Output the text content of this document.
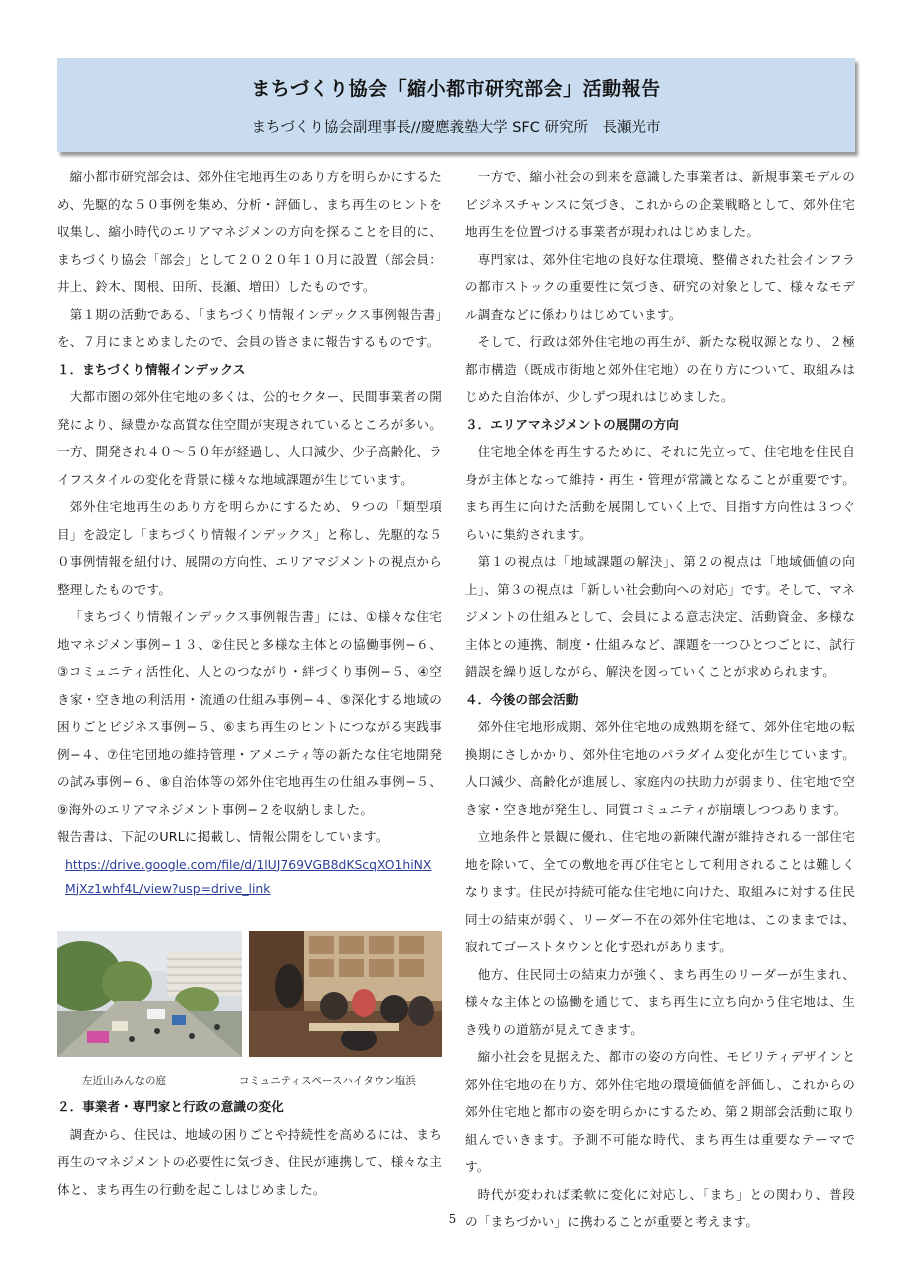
まちづくり協会「縮小都市研究部会」活動報告
まちづくり協会副理事長//慶應義塾大学 SFC 研究所　長瀬光市

縮小都市研究部会は、郊外住宅地再生のあり方を明らかにするため、先駆的な５０事例を集め、分析・評価し、まち再生のヒントを収集し、縮小時代のエリアマネジメンの方向を探ることを目的に、まちづくり協会「部会」として２０２０年１０月に設置（部会員：井上、鈴木、関根、田所、長瀬、増田）したものです。

第１期の活動である、「まちづくり情報インデックス事例報告書」を、７月にまとめましたので、会員の皆さまに報告するものです。

１．まちづくり情報インデックス

大都市圏の郊外住宅地の多くは、公的セクター、民間事業者の開発により、緑豊かな高質な住空間が実現されているところが多い。一方、開発され４０～５０年が経過し、人口減少、少子高齢化、ライフスタイルの変化を背景に様々な地域課題が生じています。

郊外住宅地再生のあり方を明らかにするため、９つの「類型項目」を設定し「まちづくり情報インデックス」と称し、先駆的な５０事例情報を紐付け、展開の方向性、エリアマジメントの視点から整理したものです。

「まちづくり情報インデックス事例報告書」には、①様々な住宅地マネジメン事例−１３、②住民と多様な主体との協働事例−６、③コミュニティ活性化、人とのつながり・絆づくり事例−５、④空き家・空き地の利活用・流通の仕組み事例−４、⑤深化する地域の困りごとビジネス事例−５、⑥まち再生のヒントにつながる実践事例−４、⑦住宅団地の維持管理・アメニティ等の新たな住宅地開発の試み事例−６、⑧自治体等の郊外住宅地再生の仕組み事例−５、⑨海外のエリアマネジメント事例−２を収納しました。

報告書は、下記のURLに掲載し、情報公開をしています。

https://drive.google.com/file/d/1lUJ769VGB8dKScqXO1hiNXMjXz1whf4L/view?usp=drive_link

左近山みんなの庭	コミュニティスペースハイタウン塩浜

２．事業者・専門家と行政の意識の変化

調査から、住民は、地域の困りごとや持続性を高めるには、まち再生のマネジメントの必要性に気づき、住民が連携して、様々な主体と、まち再生の行動を起こしはじめました。

一方で、縮小社会の到来を意識した事業者は、新規事業モデルのビジネスチャンスに気づき、これからの企業戦略として、郊外住宅地再生を位置づける事業者が現われはじめました。

専門家は、郊外住宅地の良好な住環境、整備された社会インフラの都市ストックの重要性に気づき、研究の対象として、様々なモデル調査などに係わりはじめています。

そして、行政は郊外住宅地の再生が、新たな税収源となり、２極都市構造（既成市街地と郊外住宅地）の在り方について、取組みはじめた自治体が、少しずつ現れはじめました。

３．エリアマネジメントの展開の方向

住宅地全体を再生するために、それに先立って、住宅地を住民自身が主体となって維持・再生・管理が常識となることが重要です。まち再生に向けた活動を展開していく上で、目指す方向性は３つぐらいに集約されます。

第１の視点は「地域課題の解決」、第２の視点は「地域価値の向上」、第３の視点は「新しい社会動向への対応」です。そして、マネジメントの仕組みとして、会員による意志決定、活動資金、多様な主体との連携、制度・仕組みなど、課題を一つひとつごとに、試行錯誤を繰り返しながら、解決を図っていくことが求められます。

４．今後の部会活動

郊外住宅地形成期、郊外住宅地の成熟期を経て、郊外住宅地の転換期にさしかかり、郊外住宅地のパラダイム変化が生じています。人口減少、高齢化が進展し、家庭内の扶助力が弱まり、住宅地で空き家・空き地が発生し、同質コミュニティが崩壊しつつあります。

立地条件と景観に優れ、住宅地の新陳代謝が維持される一部住宅地を除いて、全ての敷地を再び住宅として利用されることは難しくなります。住民が持続可能な住宅地に向けた、取組みに対する住民同士の結束が弱く、リーダー不在の郊外住宅地は、このままでは、寂れてゴーストタウンと化す恐れがあります。

他方、住民同士の結束力が強く、まち再生のリーダーが生まれ、様々な主体との協働を通じて、まち再生に立ち向かう住宅地は、生き残りの道筋が見えてきます。

縮小社会を見据えた、都市の姿の方向性、モビリティデザインと郊外住宅地の在り方、郊外住宅地の環境価値を評価し、これからの郊外住宅地と都市の姿を明らかにするため、第２期部会活動に取り組んでいきます。予測不可能な時代、まち再生は重要なテーマです。

時代が変われば柔軟に変化に対応し、「まち」との関わり、普段の「まちづかい」に携わることが重要と考えます。

5
